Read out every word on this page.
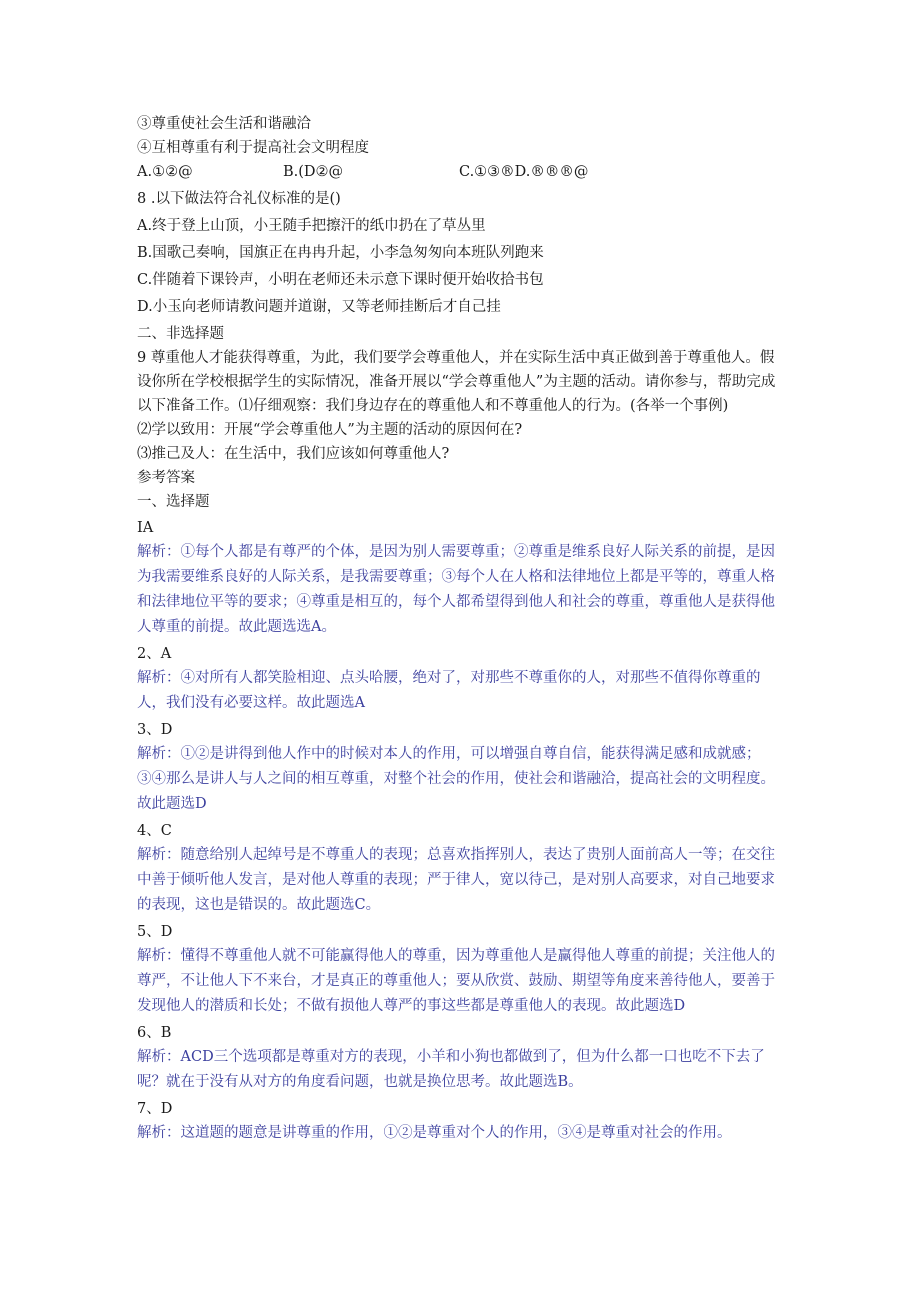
③尊重使社会生活和谐融洽
④互相尊重有利于提高社会文明程度
A.①②@	B.(D②@	C.①③®D.®®®@
8 .以下做法符合礼仪标准的是()
A.终于登上山顶，小王随手把擦汗的纸巾扔在了草丛里
B.国歌己奏响，国旗正在冉冉升起，小李急匆匆向本班队列跑来
C.伴随着下课铃声，小明在老师还未示意下课时便开始收拾书包
D.小玉向老师请教问题并道谢，又等老师挂断后才自己挂
二、非选择题
9 尊重他人才能获得尊重，为此，我们要学会尊重他人，并在实际生活中真正做到善于尊重他人。假设你所在学校根据学生的实际情况，准备开展以“学会尊重他人”为主题的活动。请你参与，帮助完成以下准备工作。⑴仔细观察：我们身边存在的尊重他人和不尊重他人的行为。(各举一个事例)
⑵学以致用：开展“学会尊重他人”为主题的活动的原因何在?
⑶推己及人：在生活中，我们应该如何尊重他人?
参考答案
一、选择题
IA
解析：①每个人都是有尊严的个体，是因为别人需要尊重；②尊重是维系良好人际关系的前提，是因为我需要维系良好的人际关系，是我需要尊重；③每个人在人格和法律地位上都是平等的，尊重人格和法律地位平等的要求；④尊重是相互的，每个人都希望得到他人和社会的尊重，尊重他人是获得他人尊重的前提。故此题选选A。
2、A
解析：④对所有人都笑脸相迎、点头哈腰，绝对了，对那些不尊重你的人，对那些不值得你尊重的人，我们没有必要这样。故此题选A
3、D
解析：①②是讲得到他人作中的时候对本人的作用，可以增强自尊自信，能获得满足感和成就感；③④那么是讲人与人之间的相互尊重，对整个社会的作用，使社会和谐融洽，提高社会的文明程度。故此题选D
4、C
解析：随意给别人起绰号是不尊重人的表现；总喜欢指挥别人，表达了贵别人面前高人一等；在交往中善于倾听他人发言，是对他人尊重的表现；严于律人，宽以待己，是对别人高要求，对自己地要求的表现，这也是错误的。故此题选C。
5、D
解析：懂得不尊重他人就不可能赢得他人的尊重，因为尊重他人是赢得他人尊重的前提；关注他人的尊严，不让他人下不来台，才是真正的尊重他人；要从欣赏、鼓励、期望等角度来善待他人，要善于发现他人的潜质和长处；不做有损他人尊严的事这些都是尊重他人的表现。故此题选D
6、B
解析：ACD三个选项都是尊重对方的表现，小羊和小狗也都做到了，但为什么都一口也吃不下去了呢？就在于没有从对方的角度看问题，也就是换位思考。故此题选B。
7、D
解析：这道题的题意是讲尊重的作用，①②是尊重对个人的作用，③④是尊重对社会的作用。
